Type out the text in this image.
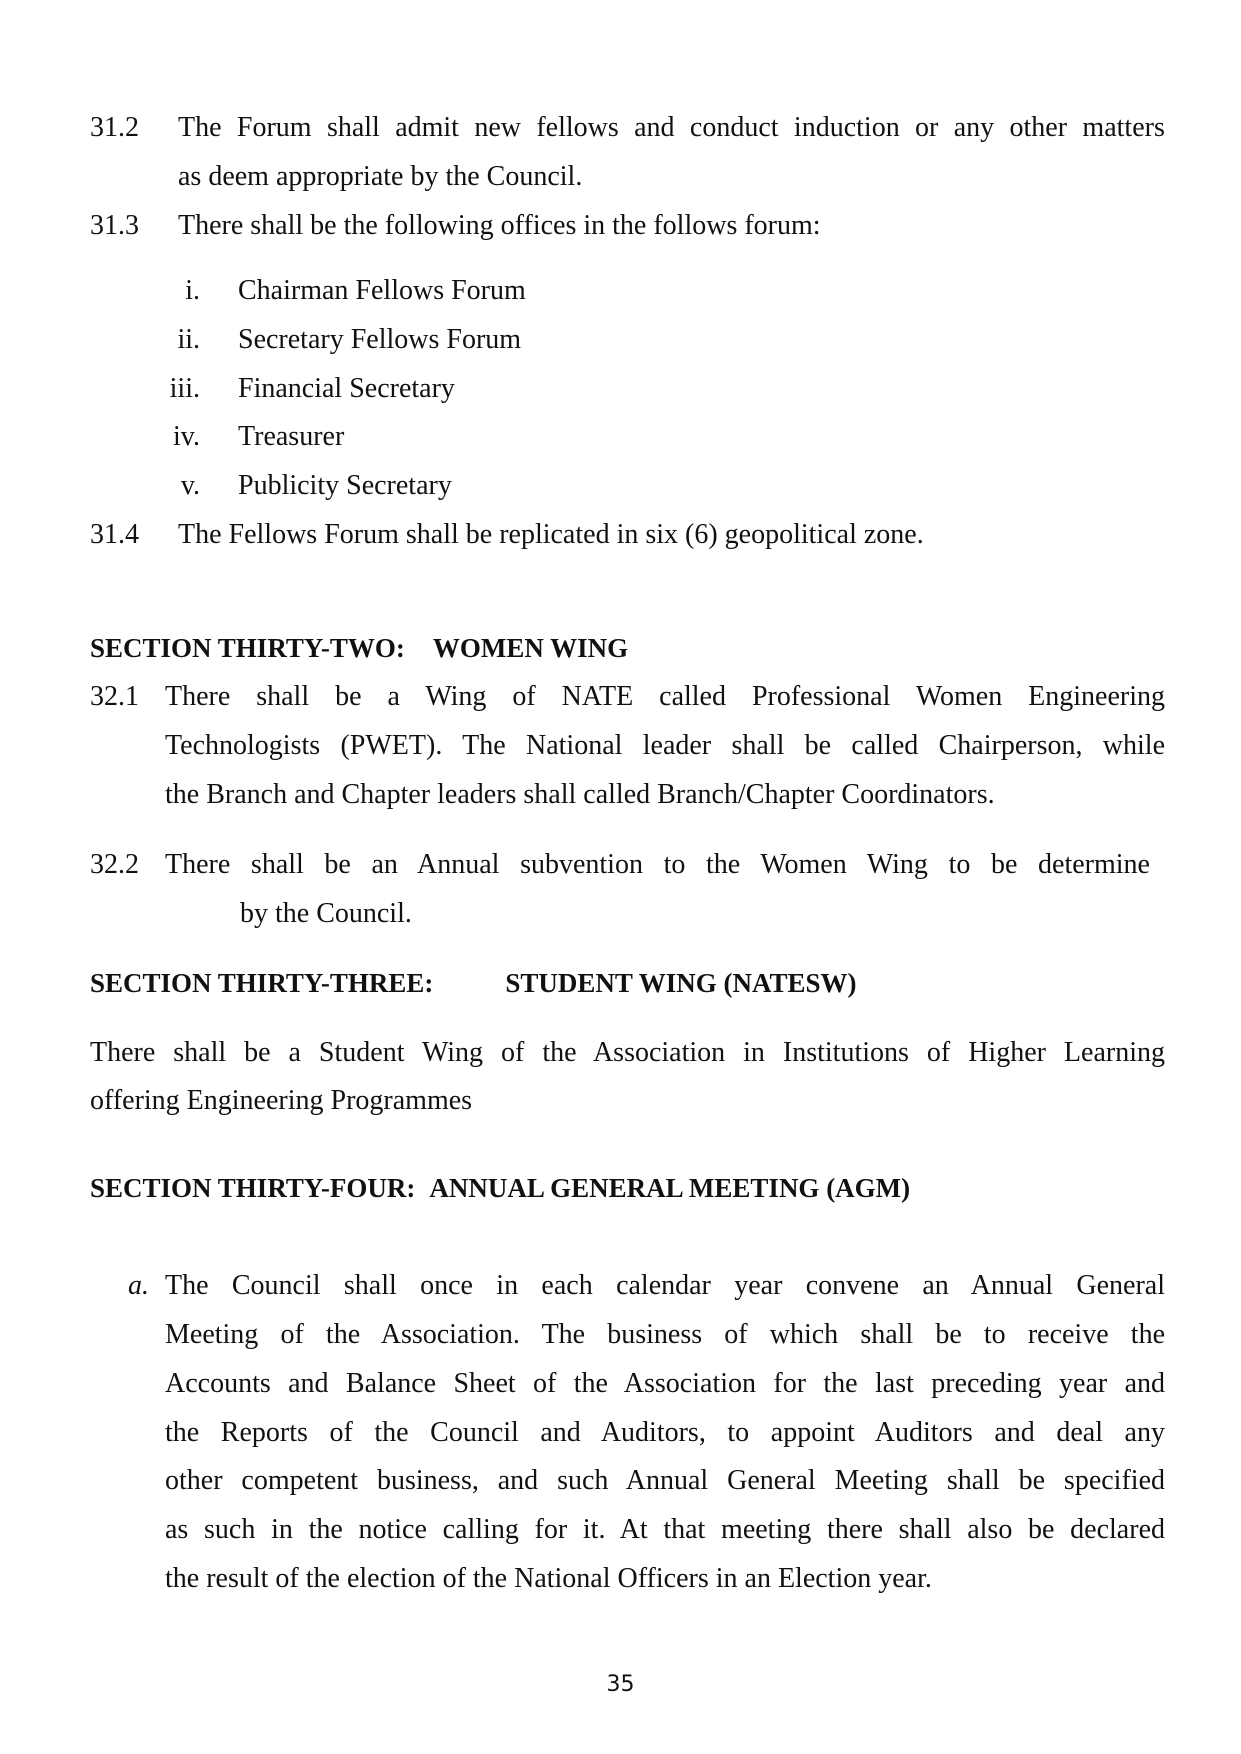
31.2 The Forum shall admit new fellows and conduct induction or any other matters
as deem appropriate by the Council.
31.3 There shall be the following offices in the follows forum:
i. Chairman Fellows Forum
ii. Secretary Fellows Forum
iii. Financial Secretary
iv. Treasurer
v. Publicity Secretary
31.4 The Fellows Forum shall be replicated in six (6) geopolitical zone.
SECTION THIRTY-TWO: WOMEN WING
32.1 There shall be a Wing of NATE called Professional Women Engineering
Technologists (PWET). The National leader shall be called Chairperson, while
the Branch and Chapter leaders shall called Branch/Chapter Coordinators.
32.2 There shall be an Annual subvention to the Women Wing to be determine
by the Council.
SECTION THIRTY-THREE:	STUDENT WING (NATESW)
There shall be a Student Wing of the Association in Institutions of Higher Learning
offering Engineering Programmes
SECTION THIRTY-FOUR: ANNUAL GENERAL MEETING (AGM)
a. The Council shall once in each calendar year convene an Annual General
Meeting of the Association. The business of which shall be to receive the
Accounts and Balance Sheet of the Association for the last preceding year and
the Reports of the Council and Auditors, to appoint Auditors and deal any
other competent business, and such Annual General Meeting shall be specified
as such in the notice calling for it. At that meeting there shall also be declared
the result of the election of the National Officers in an Election year.
35
